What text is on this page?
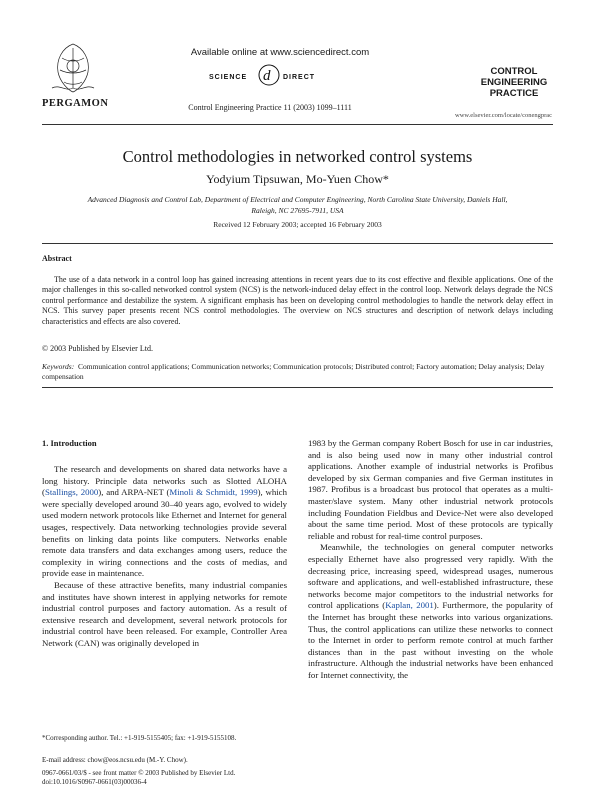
PERGAMON
Available online at www.sciencedirect.com
SCIENCE d DIRECT
Control Engineering Practice 11 (2003) 1099–1111
CONTROL ENGINEERING
PRACTICE
www.elsevier.com/locate/conengprac
Control methodologies in networked control systems
Yodyium Tipsuwan, Mo-Yuen Chow*
Advanced Diagnosis and Control Lab, Department of Electrical and Computer Engineering, North Carolina State University, Daniels Hall,
Raleigh, NC 27695-7911, USA
Received 12 February 2003; accepted 16 February 2003
Abstract
The use of a data network in a control loop has gained increasing attentions in recent years due to its cost effective and flexible applications. One of the major challenges in this so-called networked control system (NCS) is the network-induced delay effect in the control loop. Network delays degrade the NCS control performance and destabilize the system. A significant emphasis has been on developing control methodologies to handle the network delay effect in NCS. This survey paper presents recent NCS control methodologies. The overview on NCS structures and description of network delays including characteristics and effects are also covered.
© 2003 Published by Elsevier Ltd.
Keywords: Communication control applications; Communication networks; Communication protocols; Distributed control; Factory automation; Delay analysis; Delay compensation
1. Introduction

The research and developments on shared data networks have a long history. Principle data networks such as Slotted ALOHA (Stallings, 2000), and ARPA-NET (Minoli & Schmidt, 1999), which were specially developed around 30–40 years ago, evolved to widely used modern network protocols like Ethernet and Internet for general usages, respectively. Data networking technologies provide several benefits on linking data points like computers. Networks enable remote data transfers and data exchanges among users, reduce the complexity in wiring connections and the costs of medias, and provide ease in maintenance.

Because of these attractive benefits, many industrial companies and institutes have shown interest in applying networks for remote industrial control purposes and factory automation. As a result of extensive research and development, several network protocols for industrial control have been released. For example, Controller Area Network (CAN) was originally developed in

1983 by the German company Robert Bosch for use in car industries, and is also being used now in many other industrial control applications. Another example of industrial networks is Profibus developed by six German companies and five German institutes in 1987. Profibus is a broadcast bus protocol that operates as a multi-master/slave system. Many other industrial network protocols including Foundation Fieldbus and Device-Net were also developed about the same time period. Most of these protocols are typically reliable and robust for real-time control purposes.

Meanwhile, the technologies on general computer networks especially Ethernet have also progressed very rapidly. With the decreasing price, increasing speed, widespread usages, numerous software and applications, and well-established infrastructure, these networks become major competitors to the industrial networks for control applications (Kaplan, 2001). Furthermore, the popularity of the Internet has brought these networks into various organizations. Thus, the control applications can utilize these networks to connect to the Internet in order to perform remote control at much farther distances than in the past without investing on the whole infrastructure. Although the industrial networks have been enhanced for Internet connectivity, the

*Corresponding author. Tel.: +1-919-5155405; fax: +1-919-5155108.
E-mail address: chow@eos.ncsu.edu (M.-Y. Chow).
0967-0661/03/$ - see front matter © 2003 Published by Elsevier Ltd.
doi:10.1016/S0967-0661(03)00036-4
